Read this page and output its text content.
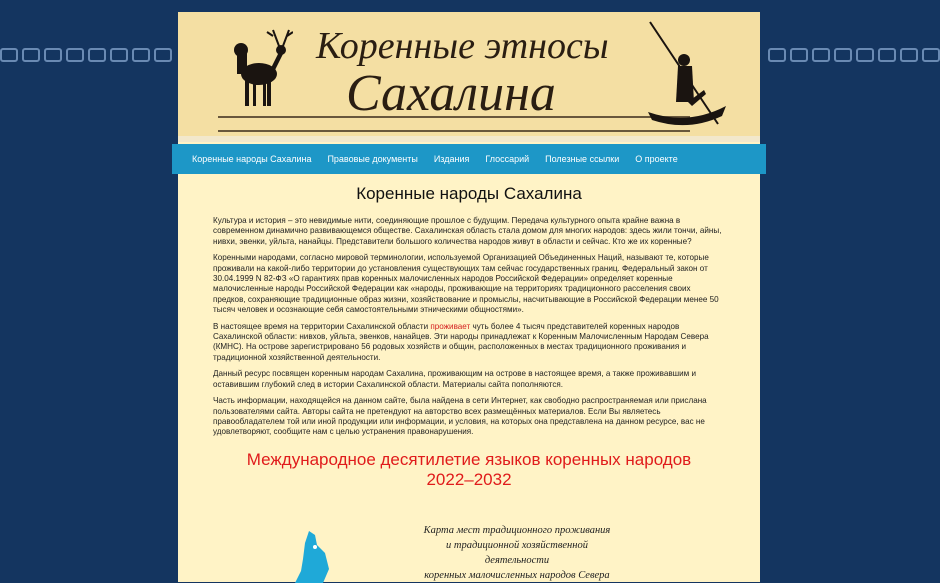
Коренные этносы
Сахалина
Коренные народы Сахалина Правовые документы Издания Глоссарий Полезные ссылки О проекте
Коренные народы Сахалина

Культура и история – это невидимые нити, соединяющие прошлое с будущим. Передача культурного опыта крайне важна в современном динамично развивающемся обществе. Сахалинская область стала домом для многих народов: здесь жили тончи, айны, нивхи, эвенки, уйльта, нанайцы. Представители большого количества народов живут в области и сейчас. Кто же их коренные?

Коренными народами, согласно мировой терминологии, используемой Организацией Объединенных Наций, называют те, которые проживали на какой-либо территории до установления существующих там сейчас государственных границ. Федеральный закон от 30.04.1999 N 82-ФЗ «О гарантиях прав коренных малочисленных народов Российской Федерации» определяет коренные малочисленные народы Российской Федерации как «народы, проживающие на территориях традиционного расселения своих предков, сохраняющие традиционные образ жизни, хозяйствование и промыслы, насчитывающие в Российской Федерации менее 50 тысяч человек и осознающие себя самостоятельными этническими общностями».

В настоящее время на территории Сахалинской области проживает чуть более 4 тысяч представителей коренных народов Сахалинской области: нивхов, уйльта, эвенков, нанайцев. Эти народы принадлежат к Коренным Малочисленным Народам Севера (КМНС). На острове зарегистрировано 56 родовых хозяйств и общин, расположенных в местах традиционного проживания и традиционной хозяйственной деятельности.

Данный ресурс посвящен коренным народам Сахалина, проживающим на острове в настоящее время, а также проживавшим и оставившим глубокий след в истории Сахалинской области. Материалы сайта пополняются.

Часть информации, находящейся на данном сайте, была найдена в сети Интернет, как свободно распространяемая или прислана пользователями сайта. Авторы сайта не претендуют на авторство всех размещённых материалов. Если Вы являетесь правообладателем той или иной продукции или информации, и условия, на которых она представлена на данном ресурсе, вас не удовлетворяют, сообщите нам с целью устранения правонарушения.

Международное десятилетие языков коренных народов
2022–2032
Карта мест традиционного проживания
и традиционной хозяйственной деятельности
коренных малочисленных народов Севера
